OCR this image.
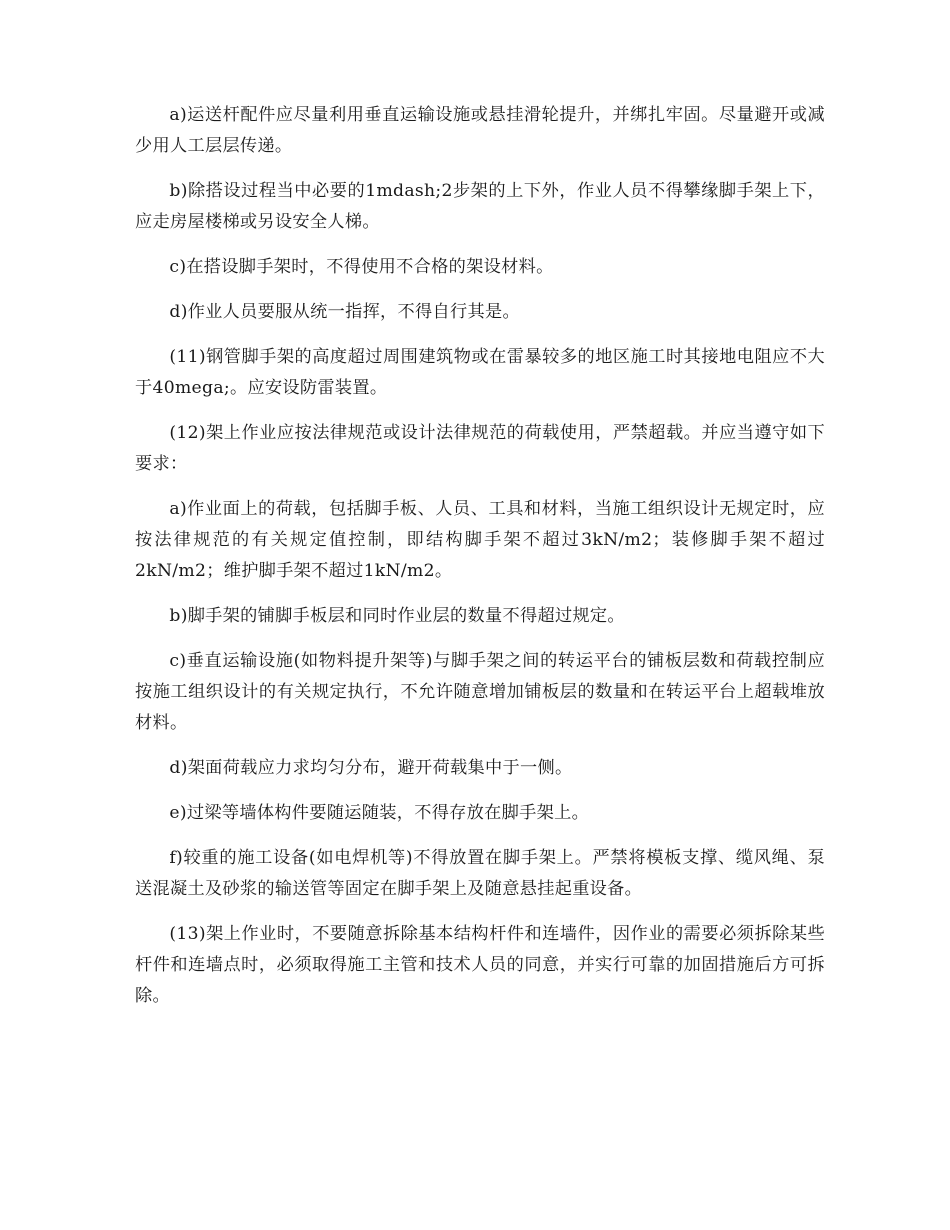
a)运送杆配件应尽量利用垂直运输设施或悬挂滑轮提升，并绑扎牢固。尽量避开或减少用人工层层传递。

b)除搭设过程当中必要的1mdash;2步架的上下外，作业人员不得攀缘脚手架上下，应走房屋楼梯或另设安全人梯。

c)在搭设脚手架时，不得使用不合格的架设材料。

d)作业人员要服从统一指挥，不得自行其是。

(11)钢管脚手架的高度超过周围建筑物或在雷暴较多的地区施工时其接地电阻应不大于40mega;。应安设防雷装置。

(12)架上作业应按法律规范或设计法律规范的荷载使用，严禁超载。并应当遵守如下要求：

a)作业面上的荷载，包括脚手板、人员、工具和材料，当施工组织设计无规定时，应按法律规范的有关规定值控制，即结构脚手架不超过3kN/m2；装修脚手架不超过2kN/m2；维护脚手架不超过1kN/m2。

b)脚手架的铺脚手板层和同时作业层的数量不得超过规定。

c)垂直运输设施(如物料提升架等)与脚手架之间的转运平台的铺板层数和荷载控制应按施工组织设计的有关规定执行，不允许随意增加铺板层的数量和在转运平台上超载堆放材料。

d)架面荷载应力求均匀分布，避开荷载集中于一侧。

e)过梁等墙体构件要随运随装，不得存放在脚手架上。

f)较重的施工设备(如电焊机等)不得放置在脚手架上。严禁将模板支撑、缆风绳、泵送混凝土及砂浆的输送管等固定在脚手架上及随意悬挂起重设备。

(13)架上作业时，不要随意拆除基本结构杆件和连墙件，因作业的需要必须拆除某些杆件和连墙点时，必须取得施工主管和技术人员的同意，并实行可靠的加固措施后方可拆除。
